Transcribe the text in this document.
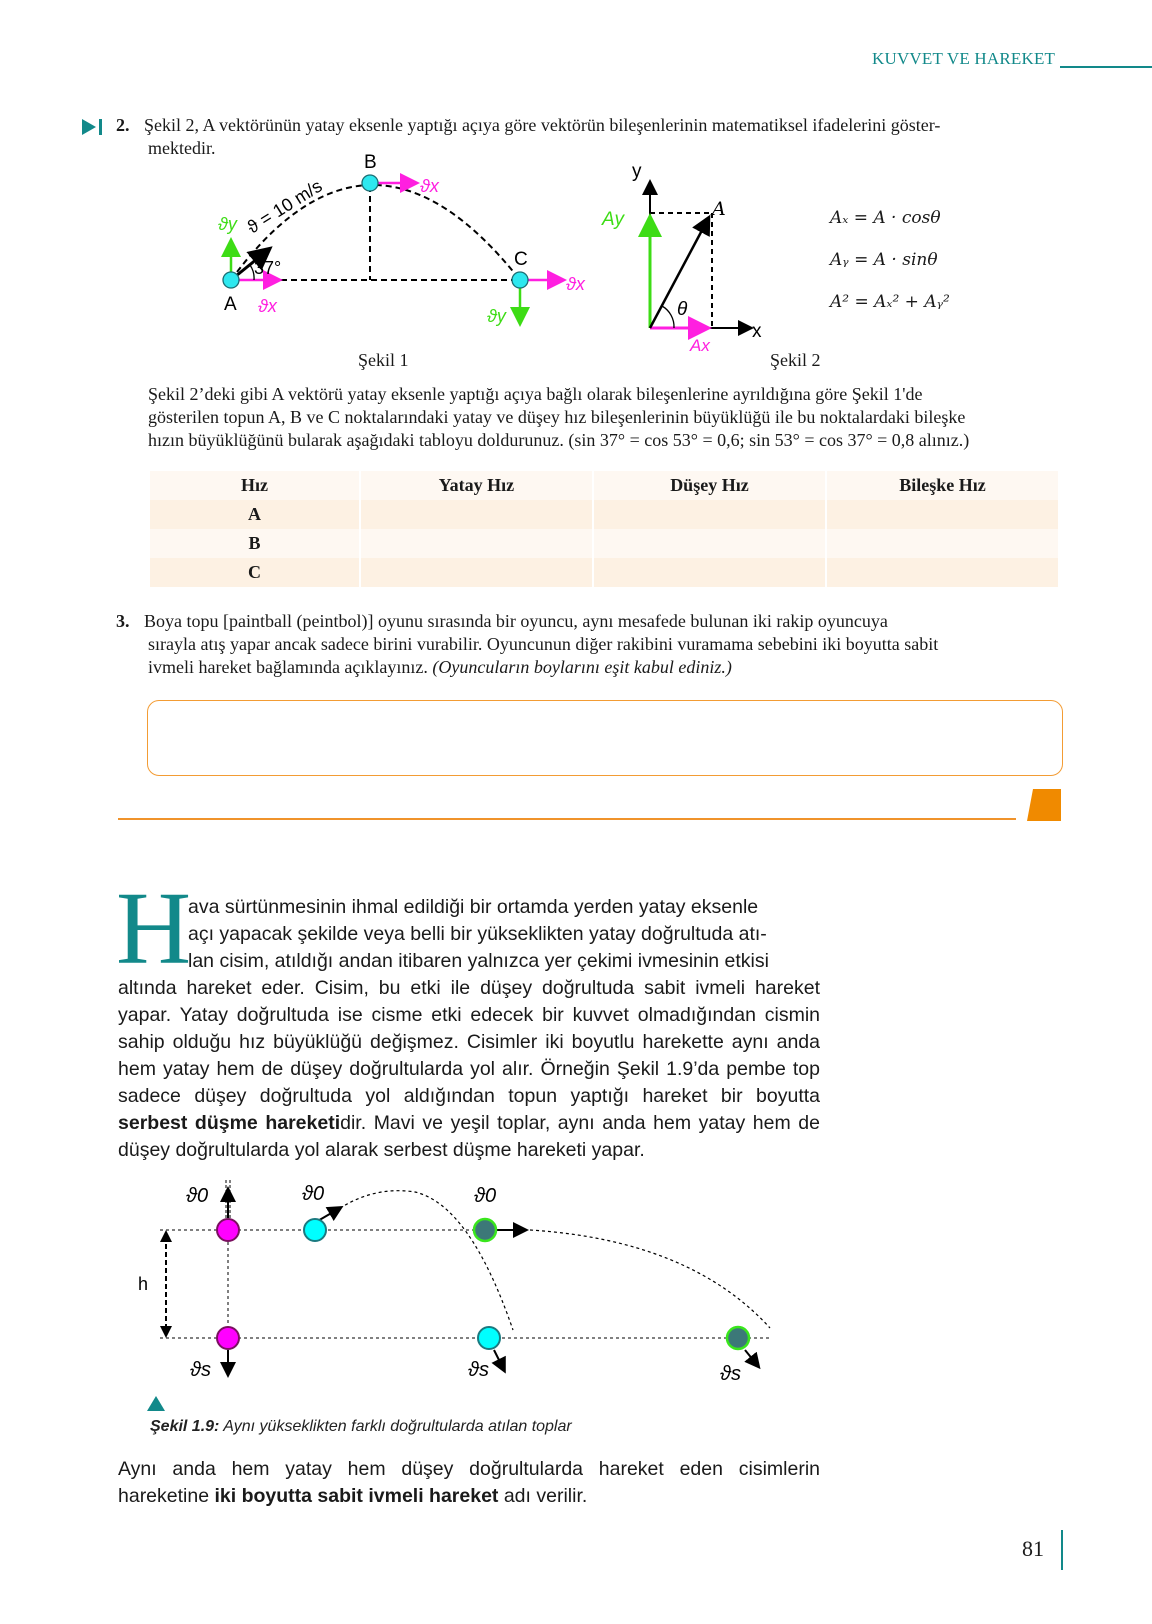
KUVVET VE HAREKET
2. Şekil 2, A vektörünün yatay eksenle yaptığı açıya göre vektörün bileşenlerinin matematiksel ifadelerini göster-
mektedir.
A
B
C
37°
ϑ = 10 m/s
ϑy
ϑx
ϑx
ϑx
ϑy
Şekil 1
y
x
A
Ay
Ax
θ
Aₓ = A · cosθ
Aᵧ = A · sinθ
A² = Aₓ² + Aᵧ²
Şekil 2
Şekil 2’deki gibi A vektörü yatay eksenle yaptığı açıya bağlı olarak bileşenlerine ayrıldığına göre Şekil 1'de
gösterilen topun A, B ve C noktalarındaki yatay ve düşey hız bileşenlerinin büyüklüğü ile bu noktalardaki bileşke
hızın büyüklüğünü bularak aşağıdaki tabloyu doldurunuz. (sin 37° = cos 53° = 0,6; sin 53° = cos 37° = 0,8 alınız.)
Hız	Yatay Hız	Düşey Hız	Bileşke Hız
A			
B			
C			
3. Boya topu [paintball (peintbol)] oyunu sırasında bir oyuncu, aynı mesafede bulunan iki rakip oyuncuya
sırayla atış yapar ancak sadece birini vurabilir. Oyuncunun diğer rakibini vuramama sebebini iki boyutta sabit
ivmeli hareket bağlamında açıklayınız. (Oyuncuların boylarını eşit kabul ediniz.)
H
ava sürtünmesinin ihmal edildiği bir ortamda yerden yatay eksenle
açı yapacak şekilde veya belli bir yükseklikten yatay doğrultuda atı-
lan cisim, atıldığı andan itibaren yalnızca yer çekimi ivmesinin etkisi
altında hareket eder. Cisim, bu etki ile düşey doğrultuda sabit ivmeli hareket yapar. Yatay doğrultuda ise cisme etki edecek bir kuvvet olmadığından cismin sahip olduğu hız büyüklüğü değişmez. Cisimler iki boyutlu harekette aynı anda hem yatay hem de düşey doğrultularda yol alır. Örneğin Şekil 1.9’da pembe top sadece düşey doğrultuda yol aldığından topun yaptığı hareket bir boyutta serbest düşme hareketidir. Mavi ve yeşil toplar, aynı anda hem yatay hem de düşey doğrultularda yol alarak serbest düşme hareketi yapar.
h
ϑ0	ϑ0	ϑ0
ϑs	ϑs	ϑs
Şekil 1.9: Aynı yükseklikten farklı doğrultularda atılan toplar
Aynı anda hem yatay hem düşey doğrultularda hareket eden cisimlerin hareketine iki boyutta sabit ivmeli hareket adı verilir.
81
